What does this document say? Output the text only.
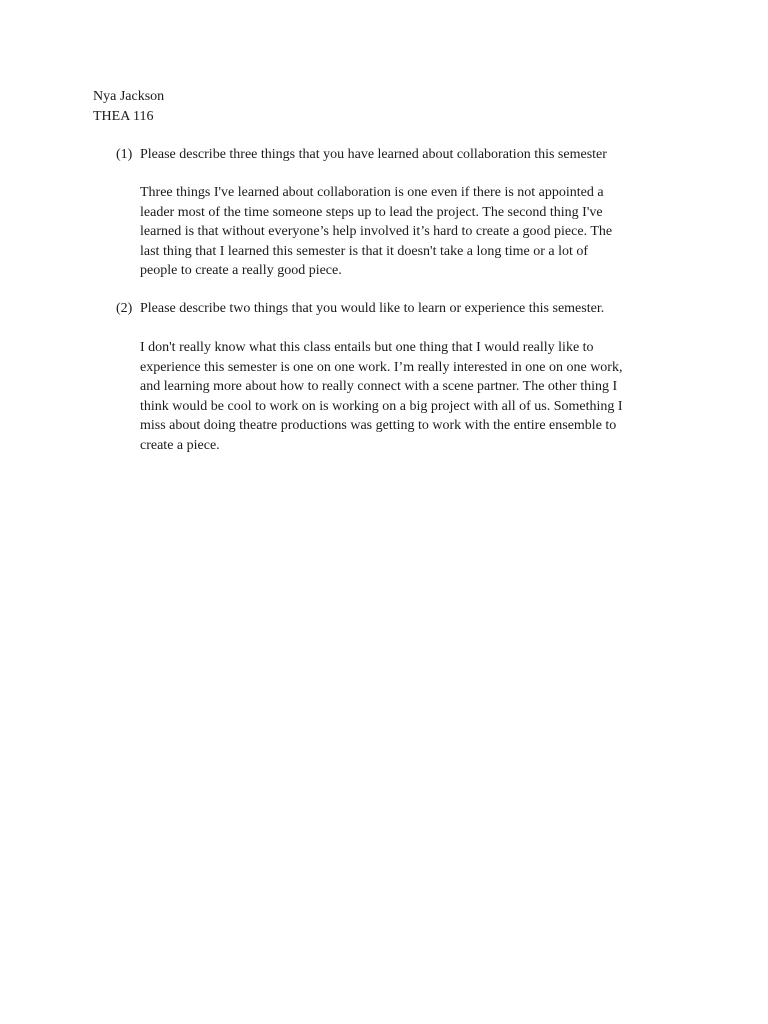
Nya Jackson
THEA 116
(1) Please describe three things that you have learned about collaboration this semester
Three things I've learned about collaboration is one even if there is not appointed a
leader most of the time someone steps up to lead the project. The second thing I've
learned is that without everyone’s help involved it’s hard to create a good piece. The
last thing that I learned this semester is that it doesn't take a long time or a lot of
people to create a really good piece.
(2) Please describe two things that you would like to learn or experience this semester.
I don't really know what this class entails but one thing that I would really like to
experience this semester is one on one work. I’m really interested in one on one work,
and learning more about how to really connect with a scene partner. The other thing I
think would be cool to work on is working on a big project with all of us. Something I
miss about doing theatre productions was getting to work with the entire ensemble to
create a piece.
